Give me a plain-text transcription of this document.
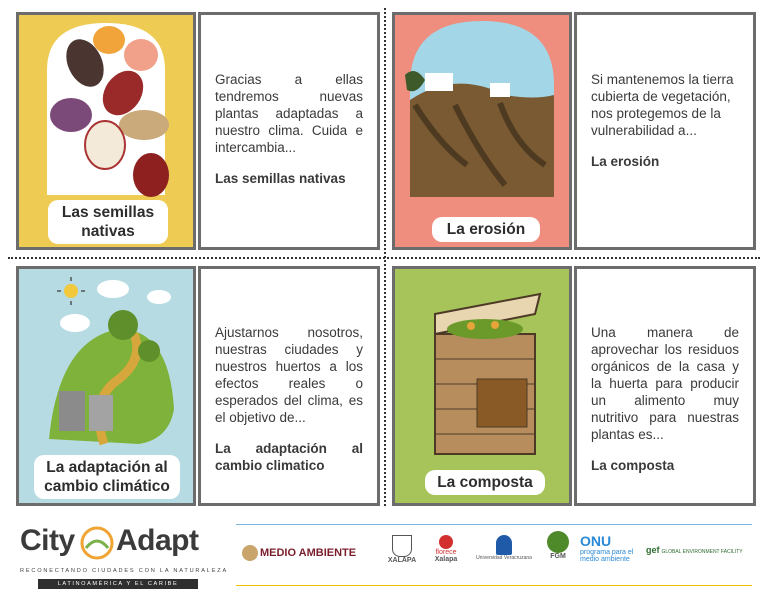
Las semillas nativas
Gracias a ellas tendremos nuevas plantas adaptadas a nuestro clima. Cuida e intercambia...
Las semillas nativas
La erosión
Si mantenemos la tierra cubierta de vegetación, nos protegemos de la vulnerabilidad a...
La erosión
La adaptación al cambio climático
Ajustarnos nosotros, nuestras ciudades y nuestros huertos a los efectos reales o esperados del clima, es el objetivo de...
La adaptación al cambio climatico
La composta
Una manera de aprovechar los residuos orgánicos de la casa y la huerta para producir un alimento muy nutritivo para nuestras plantas es...
La composta
City Adapt
RECONECTANDO CIUDADES CON LA NATURALEZA
LATINOAMÉRICA Y EL CARIBE
MEDIO AMBIENTE
XALAPA
florece
Xalapa	Universidad Veracruzana	FGM
ONU
programa para el
medio ambiente
gef GLOBAL ENVIRONMENT FACILITY
